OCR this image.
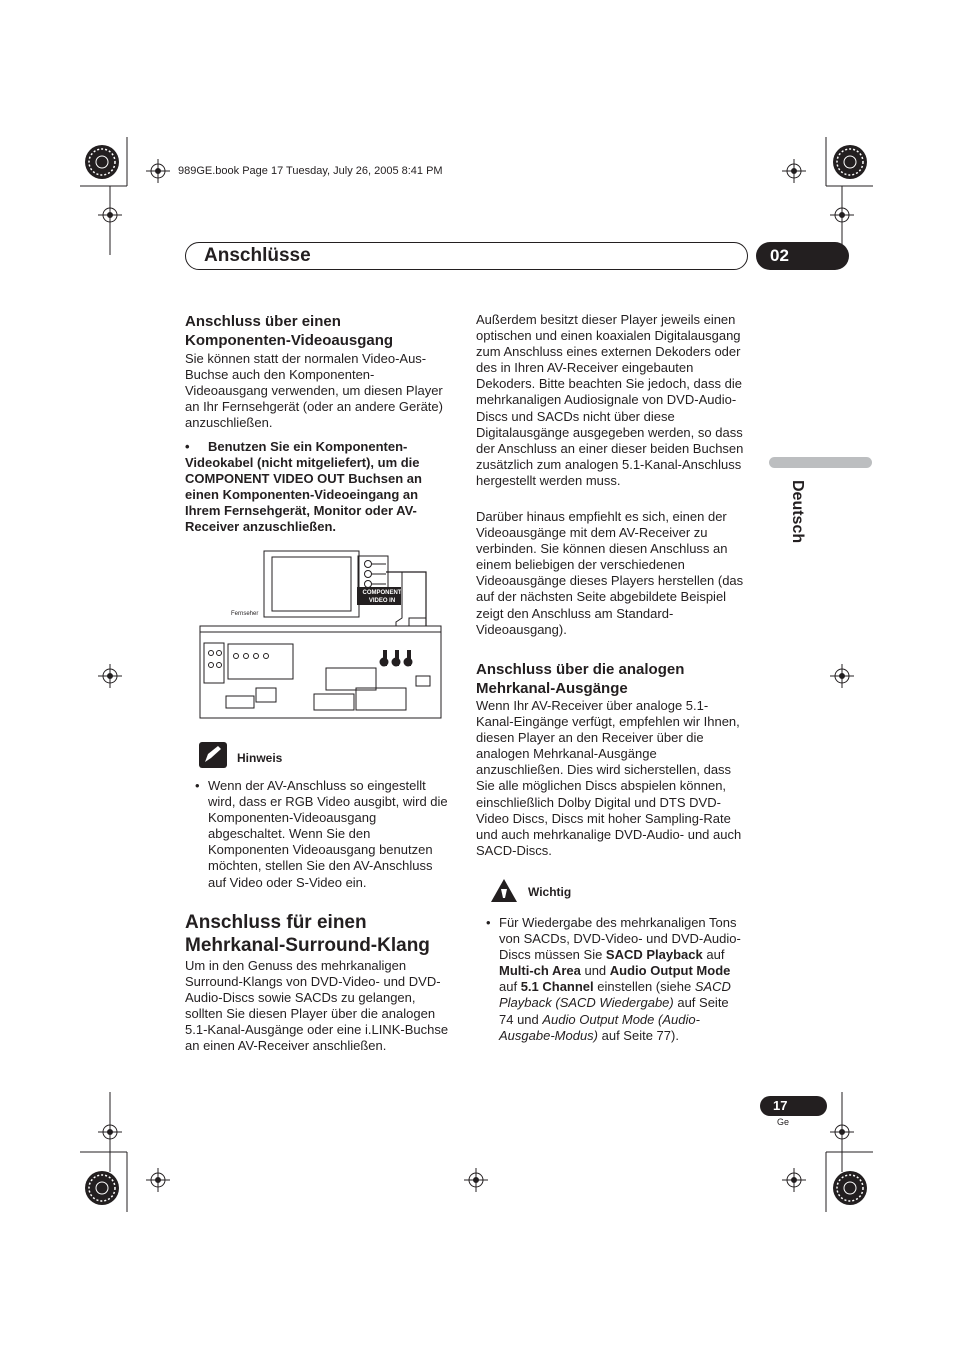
989GE.book Page 17 Tuesday, July 26, 2005 8:41 PM
Anschlüsse	02
Deutsch
Anschluss über einen Komponenten-Videoausgang
Sie können statt der normalen Video-Aus-Buchse auch den Komponenten-Videoausgang verwenden, um diesen Player an Ihr Fernsehgerät (oder an andere Geräte) anzuschließen.
•	Benutzen Sie ein Komponenten-Videokabel (nicht mitgeliefert), um die COMPONENT VIDEO OUT Buchsen an einen Komponenten-Videoeingang an Ihrem Fernsehgerät, Monitor oder AV-Receiver anzuschließen.
Fernseher
COMPONENT
VIDEO IN
Hinweis
• Wenn der AV-Anschluss so eingestellt wird, dass er RGB Video ausgibt, wird die Komponenten-Videoausgang abgeschaltet. Wenn Sie den Komponenten Videoausgang benutzen möchten, stellen Sie den AV-Anschluss auf Video oder S-Video ein.
Anschluss für einen Mehrkanal-Surround-Klang
Um in den Genuss des mehrkanaligen Surround-Klangs von DVD-Video- und DVD-Audio-Discs sowie SACDs zu gelangen, sollten Sie diesen Player über die analogen 5.1-Kanal-Ausgänge oder eine i.LINK-Buchse an einen AV-Receiver anschließen.
Außerdem besitzt dieser Player jeweils einen optischen und einen koaxialen Digitalausgang zum Anschluss eines externen Dekoders oder des in Ihren AV-Receiver eingebauten Dekoders. Bitte beachten Sie jedoch, dass die mehrkanaligen Audiosignale von DVD-Audio-Discs und SACDs nicht über diese Digitalausgänge ausgegeben werden, so dass der Anschluss an einer dieser beiden Buchsen zusätzlich zum analogen 5.1-Kanal-Anschluss hergestellt werden muss.
Darüber hinaus empfiehlt es sich, einen der Videoausgänge mit dem AV-Receiver zu verbinden. Sie können diesen Anschluss an einem beliebigen der verschiedenen Videoausgänge dieses Players herstellen (das auf der nächsten Seite abgebildete Beispiel zeigt den Anschluss am Standard-Videoausgang).
Anschluss über die analogen Mehrkanal-Ausgänge
Wenn Ihr AV-Receiver über analoge 5.1-Kanal-Eingänge verfügt, empfehlen wir Ihnen, diesen Player an den Receiver über die analogen Mehrkanal-Ausgänge anzuschließen. Dies wird sicherstellen, dass Sie alle möglichen Discs abspielen können, einschließlich Dolby Digital und DTS DVD-Video Discs, Discs mit hoher Sampling-Rate und auch mehrkanalige DVD-Audio- und auch SACD-Discs.
Wichtig
• Für Wiedergabe des mehrkanaligen Tons von SACDs, DVD-Video- und DVD-Audio-Discs müssen Sie SACD Playback auf Multi-ch Area und Audio Output Mode auf 5.1 Channel einstellen (siehe SACD Playback (SACD Wiedergabe) auf Seite 74 und Audio Output Mode (Audio-Ausgabe-Modus) auf Seite 77).
17
Ge
